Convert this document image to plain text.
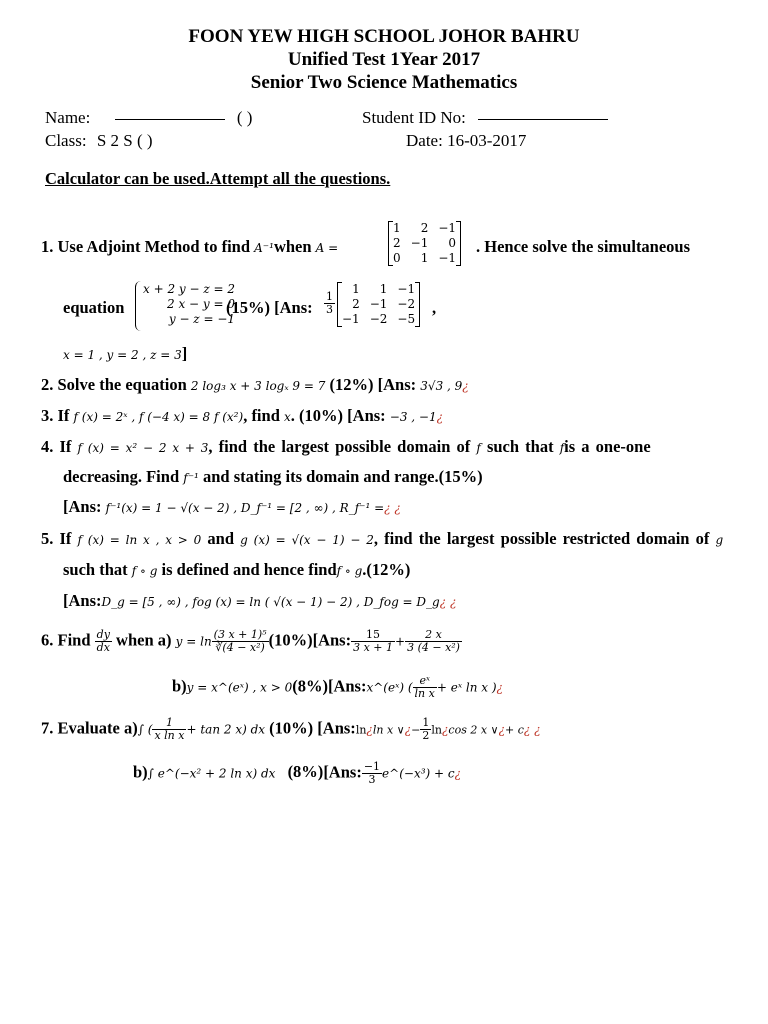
FOON YEW HIGH SCHOOL JOHOR BAHRU
Unified Test 1Year 2017
Senior Two Science Mathematics
Name:	( )	Student ID No:
Class: S 2 S ( )	Date: 16-03-2017
Calculator can be used.Attempt all the questions.
1. Use Adjoint Method to find A⁻¹when A =
1	2	−1
2	−1	0
0	1	−1
. Hence solve the simultaneous
equation
x + 2 y − z = 2
2 x − y = 0
y − z = −1
(15%) [Ans: $\frac{1}{3}$
1	1	−1
2	−1	−2
−1	−2	−5
,
x = 1 , y = 2 , z = 3]
2. Solve the equation 2 log₃ x + 3 logₓ 9 = 7 (12%) [Ans: 3√3 , 9¿
3. If f (x) = 2ˣ , f (−4 x) = 8 f (x²), find x. (10%) [Ans: −3 , −1¿
4. If f (x) = x² − 2 x + 3, find the largest possible domain of f such that fis a one-one
decreasing. Find f⁻¹ and stating its domain and range.(15%)
[Ans: f⁻¹(x) = 1 − √(x − 2) , D_f⁻¹ = [2 , ∞) , R_f⁻¹ =¿ ¿
5. If f (x) = ln x , x > 0 and g (x) = √(x − 1) − 2, find the largest possible restricted domain of g
such that f ∘ g is defined and hence findf ∘ g.(12%)
[Ans:D_g = [5 , ∞) , fog (x) = ln ( √(x − 1) − 2) , D_fog = D_g¿ ¿
6. Find $\frac{dy}{dx}$ when a) $y = \ln \frac{\text{(3 x + 1)⁵}}{\text{∛(4 − x²)}} (10\%)[Ans$: $\frac{15}{3 x + 1} + \frac{2 x}{\text{3 (4 − x²)}}$
b)y = x^(eˣ) , x > 0(8%)[Ans:x^(eˣ) ( $\frac{\text{eˣ}}{\text{ln x}}$ + eˣ ln x )¿
7. Evaluate a)∫ ( $\frac{1}{\text{x ln x}} + \tan 2$ x) dx (10%) [Ans:ln¿ln x ∨¿− $\frac{1}{2}$ ln¿cos 2 x ∨¿+ c¿ ¿
b)∫ e^(−x² + 2 ln x) dx (8%)[Ans: $\frac{-1}{3}$ e^(−x³) + c¿
